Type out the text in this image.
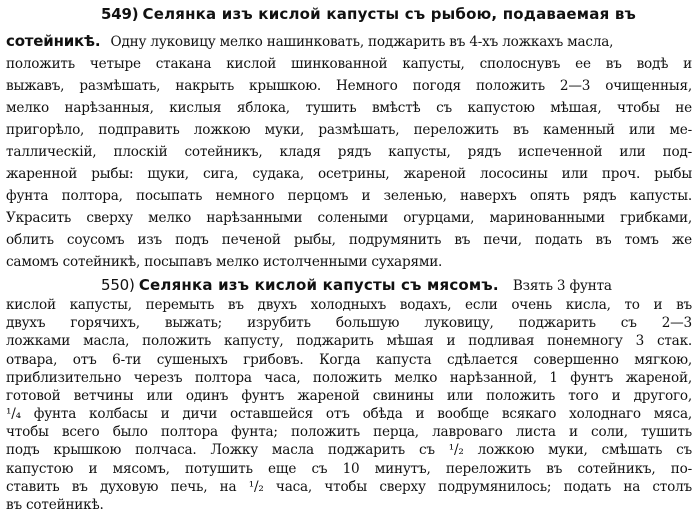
549) Селянка изъ кислой капусты съ рыбою, подаваемая въ
сотейникѣ. Одну луковицу мелко нашинковать, поджарить въ 4-хъ ложкахъ масла,
положить четыре стакана кислой шинкованной капусты, сполоснувъ ее въ водѣ и
выжавъ, размѣшать, накрыть крышкою. Немного погодя положить 2—3 очищенныя,
мелко нарѣзанныя, кислыя яблока, тушить вмѣстѣ съ капустою мѣшая, чтобы не
пригорѣло, подправить ложкою муки, размѣшать, переложить въ каменный или ме-
таллическій, плоскій сотейникъ, кладя рядъ капусты, рядъ испеченной или под-
жаренной рыбы: щуки, сига, судака, осетрины, жареной лососины или проч. рыбы
фунта полтора, посыпать немного перцомъ и зеленью, наверхъ опять рядъ капусты.
Украсить сверху мелко нарѣзанными солеными огурцами, маринованными грибками,
облить соусомъ изъ подъ печеной рыбы, подрумянить въ печи, подать въ томъ же
самомъ сотейникѣ, посыпавъ мелко истолченными сухарями.
550) Селянка изъ кислой капусты съ мясомъ. Взять 3 фунта
кислой капусты, перемыть въ двухъ холодныхъ водахъ, если очень кисла, то и въ
двухъ горячихъ, выжать; изрубить большую луковицу, поджарить съ 2—3
ложками масла, положить капусту, поджарить мѣшая и подливая понемногу 3 стак.
отвара, отъ 6-ти сушеныхъ грибовъ. Когда капуста сдѣлается совершенно мягкою,
приблизительно черезъ полтора часа, положить мелко нарѣзанной, 1 фунтъ жареной,
готовой ветчины или одинъ фунтъ жареной свинины или положить того и другого,
¹/₄ фунта колбасы и дичи оставшейся отъ обѣда и вообще всякаго холоднаго мяса,
чтобы всего было полтора фунта; положить перца, лавроваго листа и соли, тушить
подъ крышкою полчаса. Ложку масла поджарить съ ¹/₂ ложкою муки, смѣшать съ
капустою и мясомъ, потушить еще съ 10 минутъ, переложить въ сотейникъ, по-
ставить въ духовую печь, на ¹/₂ часа, чтобы сверху подрумянилось; подать на столъ
въ сотейникѣ.
